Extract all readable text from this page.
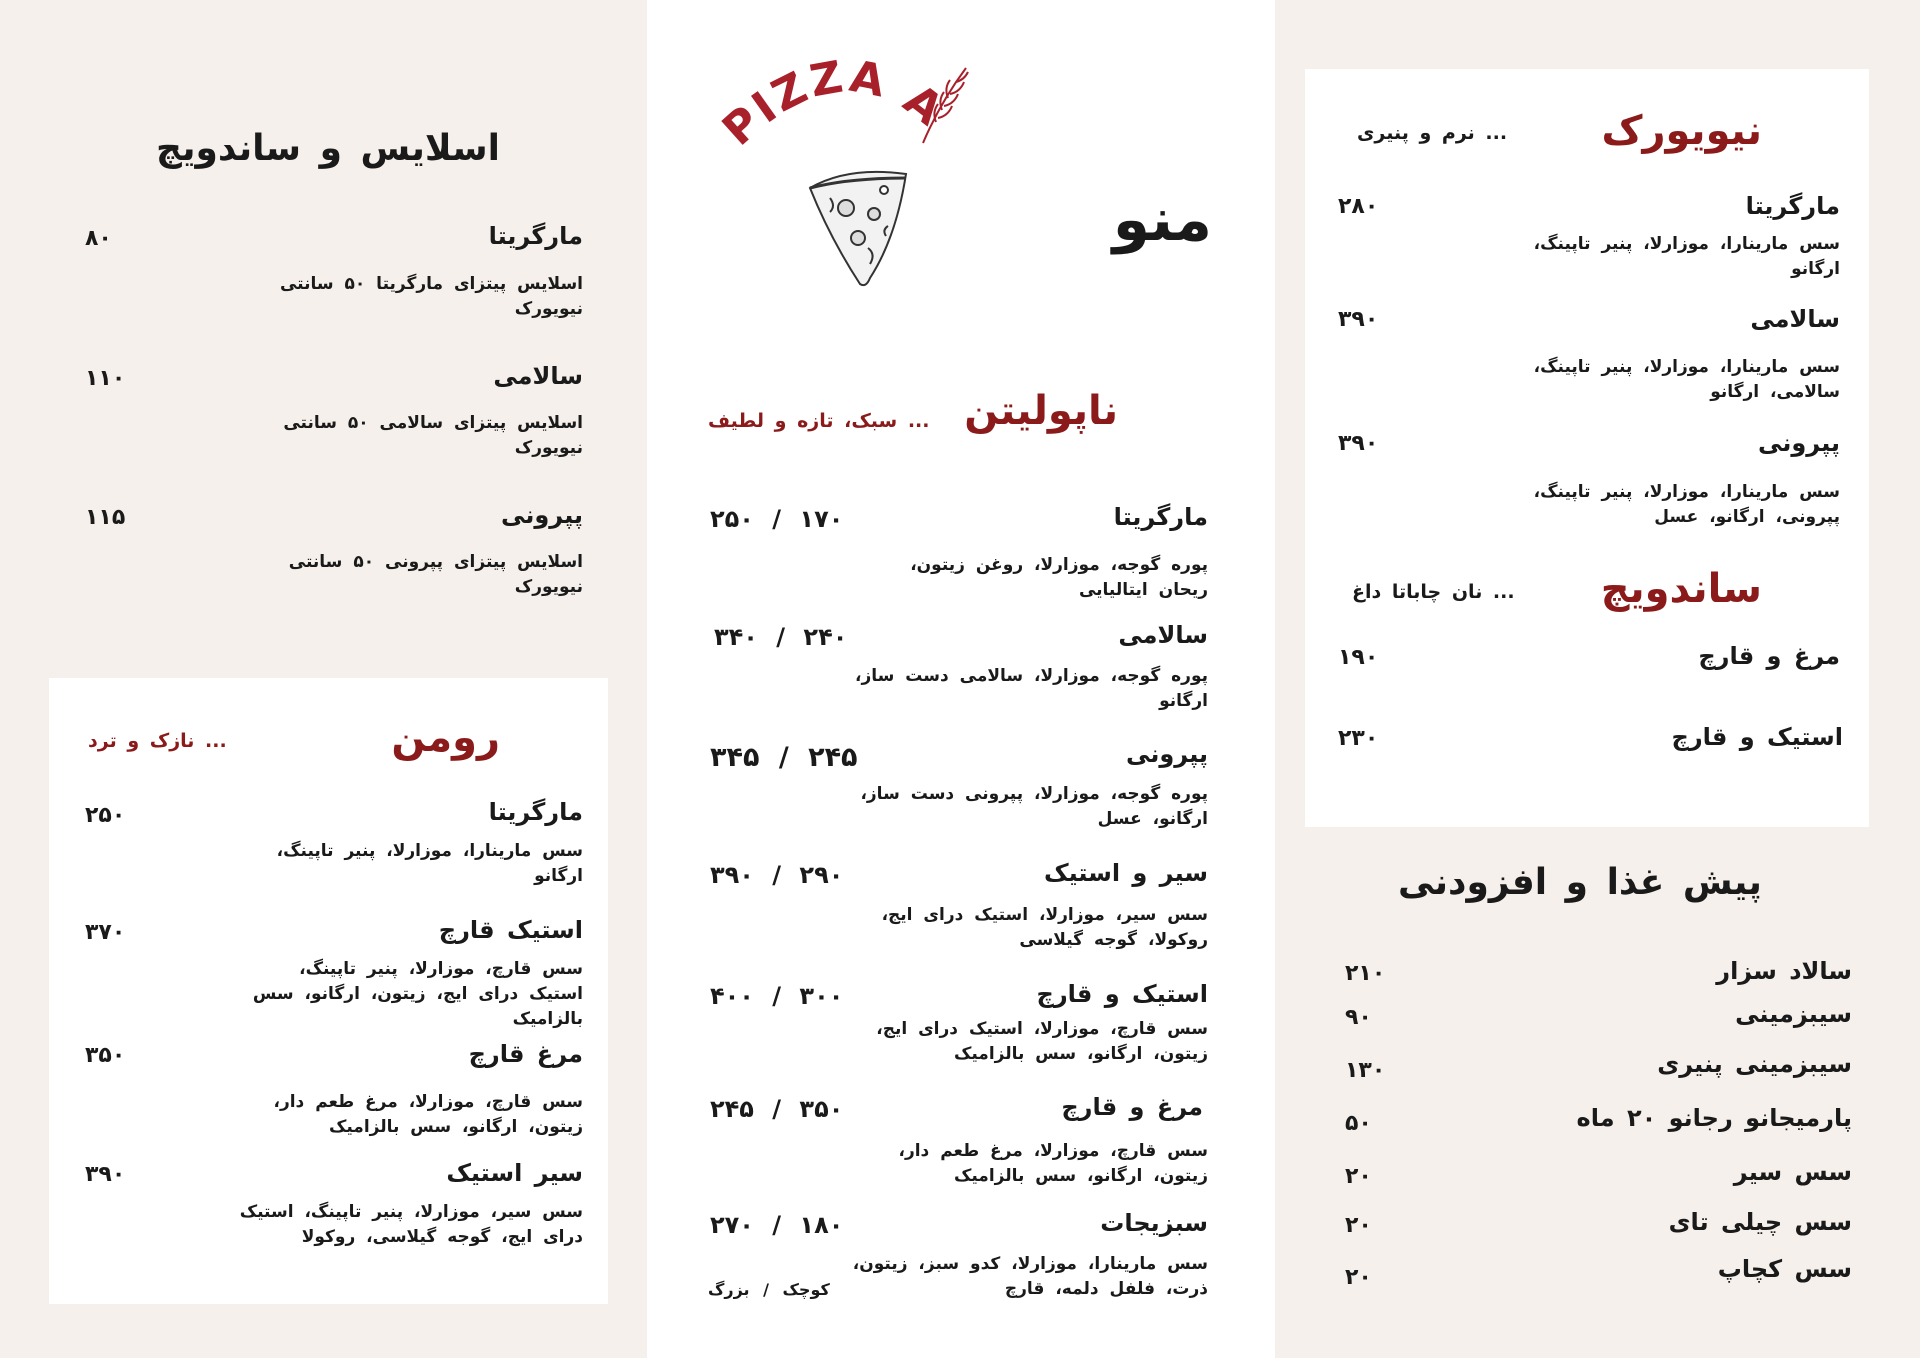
اسلایس و ساندویچ
مارگریتا
۸۰
اسلایس پیتزای مارگریتا ۵۰ سانتی نیویورک
سالامی
۱۱۰
اسلایس پیتزای سالامی ۵۰ سانتی نیویورک
پپرونی
۱۱۵
اسلایس پیتزای پپرونی ۵۰ سانتی نیویورک
رومن
... نازک و ترد
مارگریتا
۲۵۰
سس مارینارا، موزارلا، پنیر تاپینگ، ارگانو
استیک قارچ
۳۷۰
سس قارچ، موزارلا، پنیر تاپینگ، استیک درای ایج، زیتون، ارگانو، سس بالزامیک
مرغ قارچ
۳۵۰
سس قارچ، موزارلا، مرغ طعم دار، زیتون، ارگانو، سس بالزامیک
سیر استیک
۳۹۰
سس سیر، موزارلا، پنیر تاپینگ، استیک درای ایج، گوجه گیلاسی، روکولا
PIZZA A
منو
ناپولیتن
... سبک، تازه و لطیف
مارگریتا
۲۵۰ / ۱۷۰
پوره گوجه، موزارلا، روغن زیتون، ریحان ایتالیایی
سالامی
۳۴۰ / ۲۴۰
پوره گوجه، موزارلا، سالامی دست ساز، ارگانو
پپرونی
۳۴۵ / ۲۴۵
پوره گوجه، موزارلا، پپرونی دست ساز، ارگانو، عسل
سیر و استیک
۳۹۰ / ۲۹۰
سس سیر، موزارلا، استیک درای ایج، روکولا، گوجه گیلاسی
استیک و قارچ
۴۰۰ / ۳۰۰
سس قارچ، موزارلا، استیک درای ایج، زیتون، ارگانو، سس بالزامیک
مرغ و قارچ
۲۴۵ / ۳۵۰
سس قارچ، موزارلا، مرغ طعم دار، زیتون، ارگانو، سس بالزامیک
سبزیجات
۲۷۰ / ۱۸۰
سس مارینارا، موزارلا، کدو سبز، زیتون، ذرت، فلفل دلمه، قارچ
کوچک / بزرگ
نیویورک
... نرم و پنیری
مارگریتا
۲۸۰
سس مارینارا، موزارلا، پنیر تاپینگ، ارگانو
سالامی
۳۹۰
سس مارینارا، موزارلا، پنیر تاپینگ، سالامی، ارگانو
پپرونی
۳۹۰
سس مارینارا، موزارلا، پنیر تاپینگ، پپرونی، ارگانو، عسل
ساندویچ
... نان چاباتا داغ
مرغ و قارچ
۱۹۰
استیک و قارچ
۲۳۰
پیش غذا و افزودنی
سالاد سزار
۲۱۰
سیبزمینی
۹۰
سیبزمینی پنیری
۱۳۰
پارمیجانو رجانو ۲۰ ماه
۵۰
سس سیر
۲۰
سس چیلی تای
۲۰
سس کچاپ
۲۰
